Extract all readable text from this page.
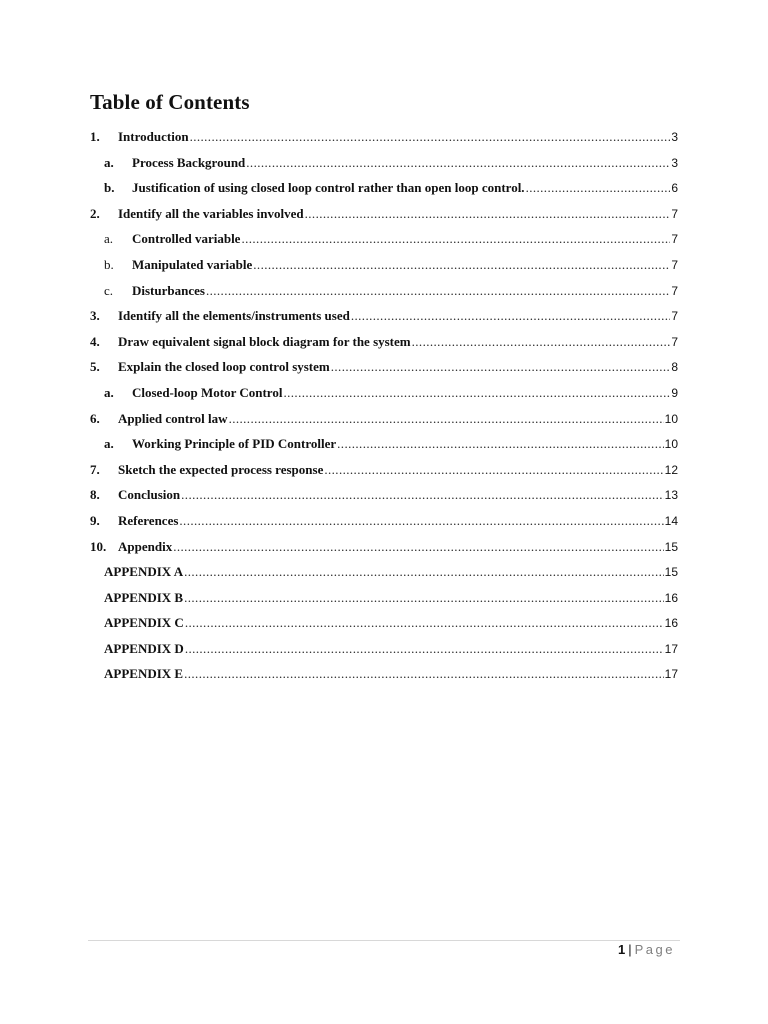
Table of Contents
1. Introduction .....	3
a. Process Background .....	3
b. Justification of using closed loop control rather than open loop control. .....	6
2. Identify all the variables involved .....	7
a. Controlled variable .....	7
b. Manipulated variable .....	7
c. Disturbances .....	7
3. Identify all the elements/instruments used .....	7
4. Draw equivalent signal block diagram for the system .....	7
5. Explain the closed loop control system .....	8
a. Closed-loop Motor Control .....	9
6. Applied control law .....	10
a. Working Principle of PID Controller .....	10
7. Sketch the expected process response .....	12
8. Conclusion .....	13
9. References .....	14
10. Appendix .....	15
APPENDIX A .....	15
APPENDIX B .....	16
APPENDIX C .....	16
APPENDIX D .....	17
APPENDIX E .....	17
1 | Page
